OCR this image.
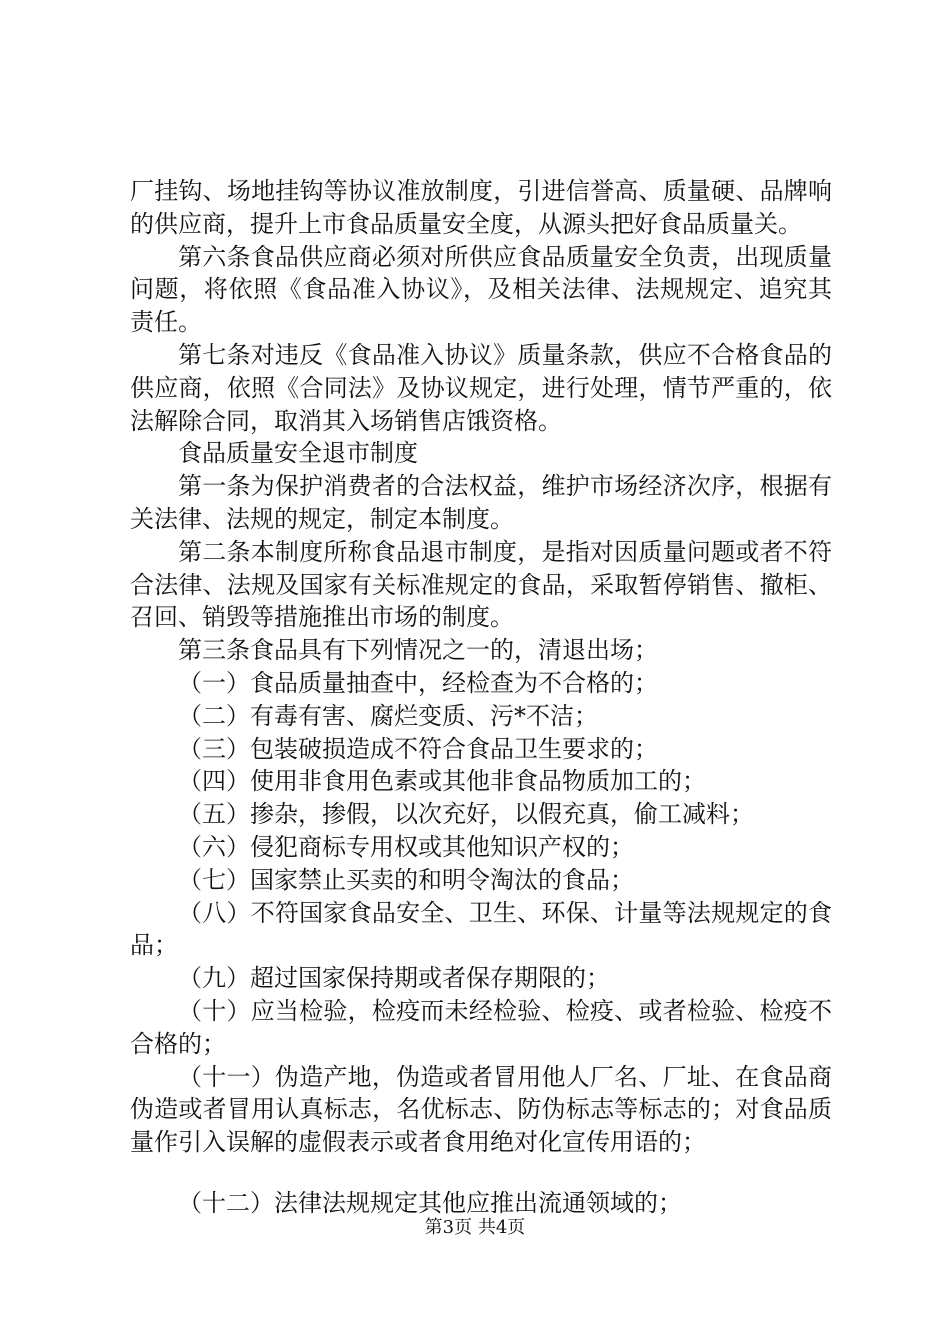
厂挂钩、场地挂钩等协议准放制度，引进信誉高、质量硬、品牌响的供应商，提升上市食品质量安全度，从源头把好食品质量关。

第六条食品供应商必须对所供应食品质量安全负责，出现质量问题，将依照《食品准入协议》，及相关法律、法规规定、追究其责任。

第七条对违反《食品准入协议》质量条款，供应不合格食品的供应商，依照《合同法》及协议规定，进行处理，情节严重的，依法解除合同，取消其入场销售店饿资格。

食品质量安全退市制度

第一条为保护消费者的合法权益，维护市场经济次序，根据有关法律、法规的规定，制定本制度。

第二条本制度所称食品退市制度，是指对因质量问题或者不符合法律、法规及国家有关标准规定的食品，采取暂停销售、撤柜、召回、销毁等措施推出市场的制度。

第三条食品具有下列情况之一的，清退出场；

（一）食品质量抽查中，经检查为不合格的；

（二）有毒有害、腐烂变质、污*不洁；

（三）包装破损造成不符合食品卫生要求的；

（四）使用非食用色素或其他非食品物质加工的；

（五）掺杂，掺假，以次充好，以假充真，偷工减料；

（六）侵犯商标专用权或其他知识产权的；

（七）国家禁止买卖的和明令淘汰的食品；

（八）不符国家食品安全、卫生、环保、计量等法规规定的食品；

（九）超过国家保持期或者保存期限的；

（十）应当检验，检疫而未经检验、检疫、或者检验、检疫不合格的；

（十一）伪造产地，伪造或者冒用他人厂名、厂址、在食品商伪造或者冒用认真标志，名优标志、防伪标志等标志的；对食品质量作引入误解的虚假表示或者食用绝对化宣传用语的；

（十二）法律法规规定其他应推出流通领域的；

第3页 共4页
